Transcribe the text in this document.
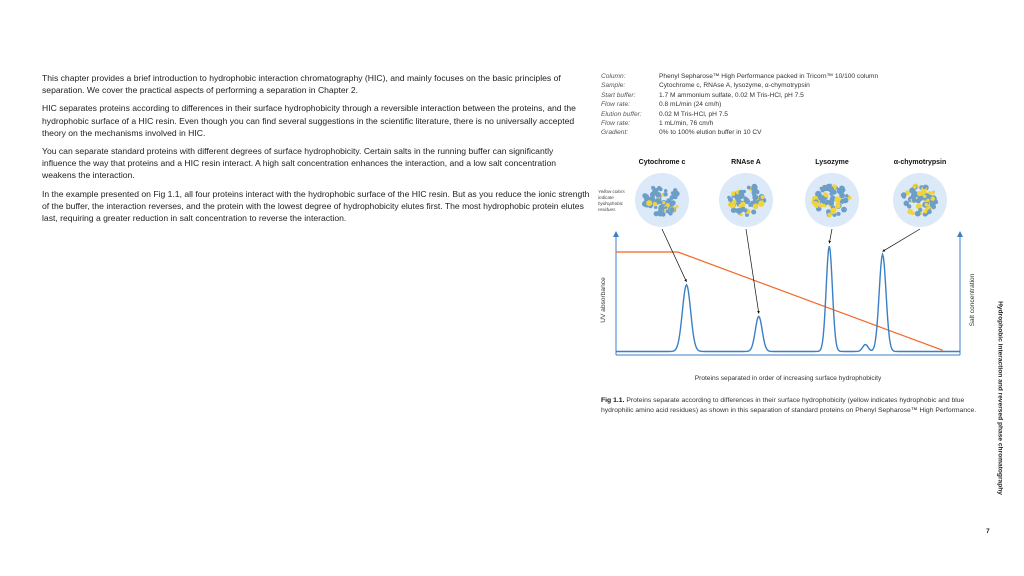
This chapter provides a brief introduction to hydrophobic interaction chromatography (HIC), and mainly focuses on the basic principles of separation. We cover the practical aspects of performing a separation in Chapter 2.

HIC separates proteins according to differences in their surface hydrophobicity through a reversible interaction between the proteins, and the hydrophobic surface of a HIC resin. Even though you can find several suggestions in the scientific literature, there is no universally accepted theory on the mechanisms involved in HIC.

You can separate standard proteins with different degrees of surface hydrophobicity. Certain salts in the running buffer can significantly influence the way that proteins and a HIC resin interact. A high salt concentration enhances the interaction, and a low salt concentration weakens the interaction.

In the example presented on Fig 1.1, all four proteins interact with the hydrophobic surface of the HIC resin. But as you reduce the ionic strength of the buffer, the interaction reverses, and the protein with the lowest degree of hydrophobicity elutes first. The most hydrophobic protein elutes last, requiring a greater reduction in salt concentration to reverse the interaction.

Column:	Phenyl Sepharose™ High Performance packed in Tricorn™ 10/100 column
Sample:	Cytochrome c, RNAse A, lysozyme, α-chymotrypsin
Start buffer:	1.7 M ammonium sulfate, 0.02 M Tris-HCl, pH 7.5
Flow rate:	0.8 mL/min (24 cm/h)
Elution buffer:	0.02 M Tris-HCl, pH 7.5
Flow rate:	1 mL/min, 76 cm/h
Gradient:	0% to 100% elution buffer in 10 CV
Cytochrome c	RNAse A	Lysozyme	α-chymotrypsin
Yellow colors indicate hydrophobic residues
UV absorbance	Salt concentration
Proteins separated in order of increasing surface hydrophobicity
Fig 1.1. Proteins separate according to differences in their surface hydrophobicity (yellow indicates hydrophobic and blue hydrophilic amino acid residues) as shown in this separation of standard proteins on Phenyl Sepharose™ High Performance.	Hydrophobic interaction and reversed phase chromatography
7
